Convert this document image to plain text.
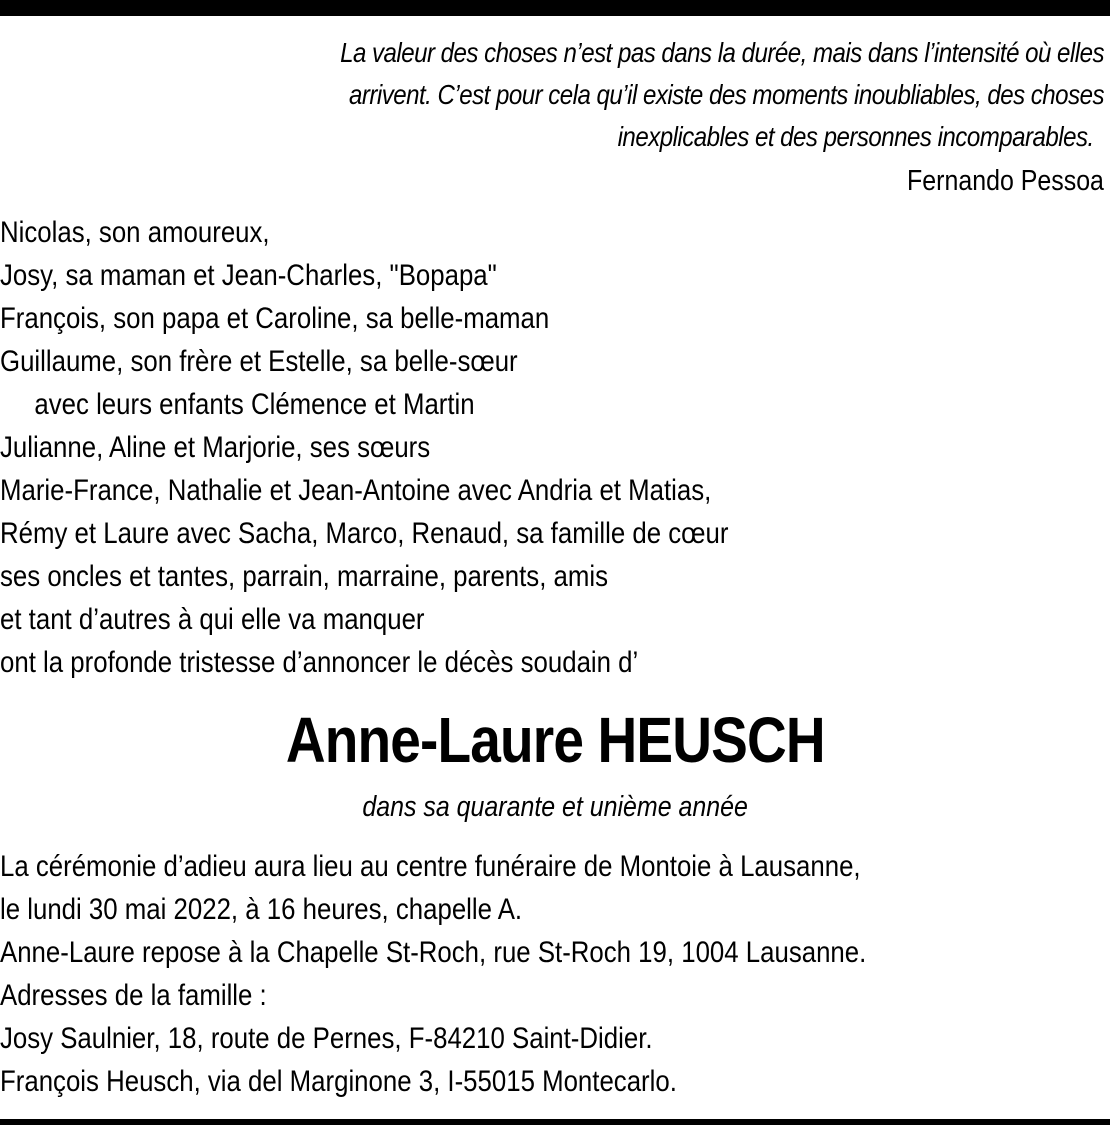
La valeur des choses n’est pas dans la durée, mais dans l’intensité où elles
arrivent. C’est pour cela qu’il existe des moments inoubliables, des choses
inexplicables et des personnes incomparables.
Fernando Pessoa
Nicolas, son amoureux,
Josy, sa maman et Jean-Charles, "Bopapa"
François, son papa et Caroline, sa belle-maman
Guillaume, son frère et Estelle, sa belle-sœur
avec leurs enfants Clémence et Martin
Julianne, Aline et Marjorie, ses sœurs
Marie-France, Nathalie et Jean-Antoine avec Andria et Matias,
Rémy et Laure avec Sacha, Marco, Renaud, sa famille de cœur
ses oncles et tantes, parrain, marraine, parents, amis
et tant d’autres à qui elle va manquer
ont la profonde tristesse d’annoncer le décès soudain d’
Anne-Laure HEUSCH
dans sa quarante et unième année
La cérémonie d’adieu aura lieu au centre funéraire de Montoie à Lausanne,
le lundi 30 mai 2022, à 16 heures, chapelle A.
Anne-Laure repose à la Chapelle St-Roch, rue St-Roch 19, 1004 Lausanne.
Adresses de la famille :
Josy Saulnier, 18, route de Pernes, F-84210 Saint-Didier.
François Heusch, via del Marginone 3, I-55015 Montecarlo.
